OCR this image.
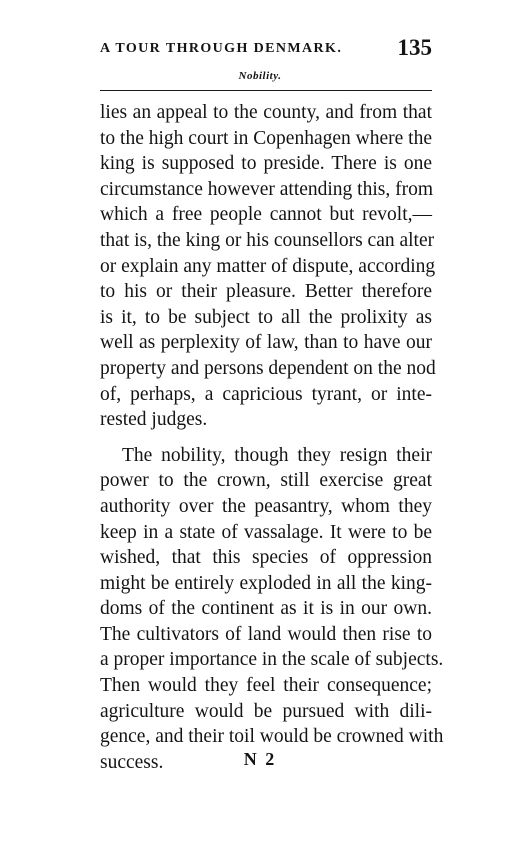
A TOUR THROUGH DENMARK. 135
Nobility.
lies an appeal to the county, and from that
to the high court in Copenhagen where the
king is supposed to preside. There is one
circumstance however attending this, from
which a free people cannot but revolt,—
that is, the king or his counsellors can alter
or explain any matter of dispute, according
to his or their pleasure. Better therefore
is it, to be subject to all the prolixity as
well as perplexity of law, than to have our
property and persons dependent on the nod
of, perhaps, a capricious tyrant, or inte-
rested judges.
The nobility, though they resign their
power to the crown, still exercise great
authority over the peasantry, whom they
keep in a state of vassalage. It were to be
wished, that this species of oppression
might be entirely exploded in all the king-
doms of the continent as it is in our own.
The cultivators of land would then rise to
a proper importance in the scale of subjects.
Then would they feel their consequence;
agriculture would be pursued with dili-
gence, and their toil would be crowned with
success.	N 2
